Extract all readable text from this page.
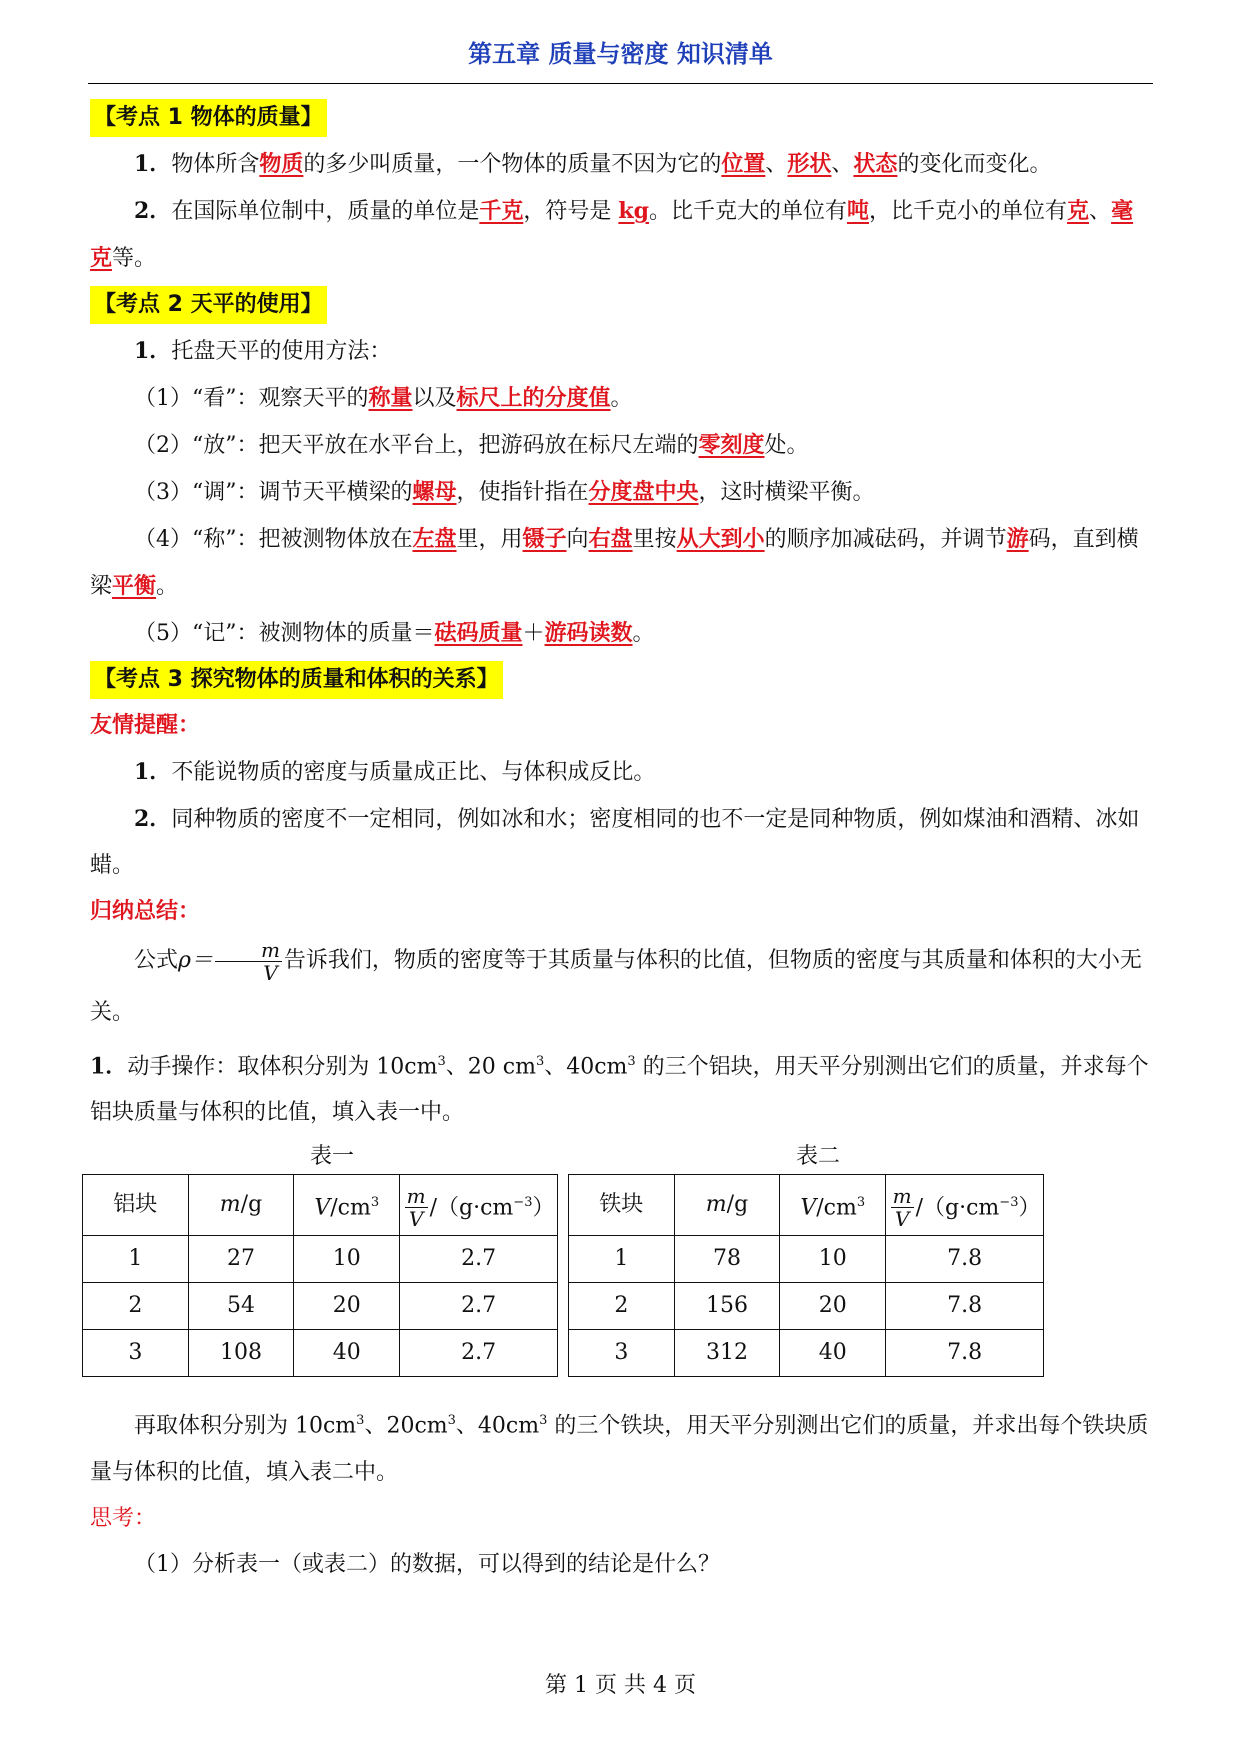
第五章 质量与密度 知识清单
【考点 1 物体的质量】

1．物体所含物质的多少叫质量，一个物体的质量不因为它的位置、形状、状态的变化而变化。

2．在国际单位制中，质量的单位是千克，符号是 kg。比千克大的单位有吨，比千克小的单位有克、毫克等。

【考点 2 天平的使用】

1．托盘天平的使用方法：

（1）“看”：观察天平的称量以及标尺上的分度值。

（2）“放”：把天平放在水平台上，把游码放在标尺左端的零刻度处。

（3）“调”：调节天平横梁的螺母，使指针指在分度盘中央，这时横梁平衡。

（4）“称”：把被测物体放在左盘里，用镊子向右盘里按从大到小的顺序加减砝码，并调节游码，直到横梁平衡。

（5）“记”：被测物体的质量＝砝码质量＋游码读数。

【考点 3 探究物体的质量和体积的关系】

友情提醒：

1．不能说物质的密度与质量成正比、与体积成反比。

2．同种物质的密度不一定相同，例如冰和水；密度相同的也不一定是同种物质，例如煤油和酒精、冰如蜡。

归纳总结：

公式$\rho= \frac{m}{V}$ 告诉我们，物质的密度等于其质量与体积的比值，但物质的密度与其质量和体积的大小无关。

1．动手操作：取体积分别为 $10cm^3$、20 $cm^3$、$40cm^3$ 的三个铝块，用天平分别测出它们的质量，并求每个铝块质量与体积的比值，填入表一中。

表一	表二
铝块	m/g	$V/cm^3$	$\frac{m}{V} /(g\cdot cm^{-3})$
1	27	10	2.7
2	54	20	2.7
3	108	40	2.7
铁块	m/g	$V/cm^3$	$\frac{m}{V} /(g\cdot cm^{-3})$
1	78	10	7.8
2	156	20	7.8
3	312	40	7.8

再取体积分别为 $10cm^3$、$20cm^3$、$40cm^3$ 的三个铁块，用天平分别测出它们的质量，并求出每个铁块质量与体积的比值，填入表二中。

思考：

（1）分析表一（或表二）的数据，可以得到的结论是什么？

第 1 页 共 4 页
